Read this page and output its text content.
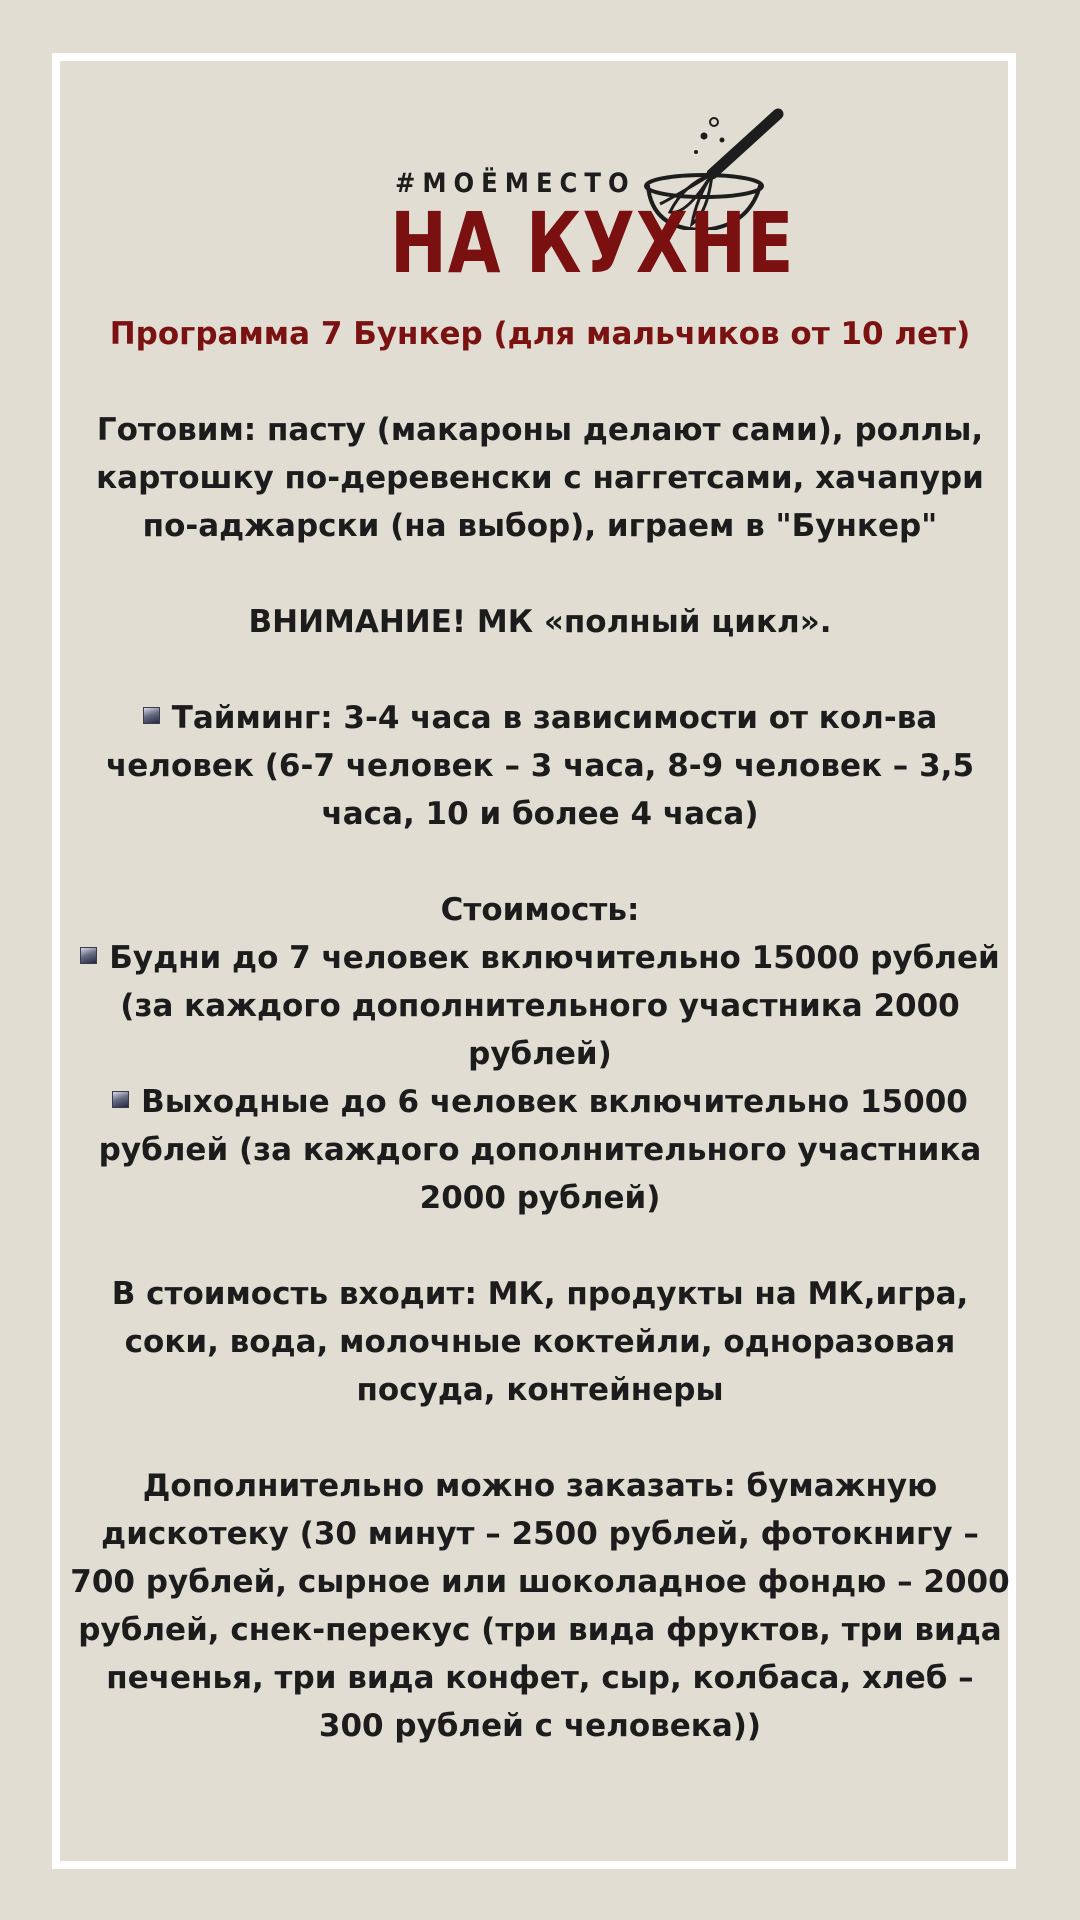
#МОЁМЕСТО
НА КУХНЕ

Программа 7 Бункер (для мальчиков от 10 лет)

Готовим: пасту (макароны делают сами), роллы, картошку по-деревенски с наггетсами, хачапури по-аджарски (на выбор), играем в "Бункер"

ВНИМАНИЕ! МК «полный цикл».

Тайминг: 3-4 часа в зависимости от кол-ва человек (6-7 человек – 3 часа, 8-9 человек – 3,5 часа, 10 и более 4 часа)

Стоимость:

Будни до 7 человек включительно 15000 рублей (за каждого дополнительного участника 2000 рублей)

Выходные до 6 человек включительно 15000 рублей (за каждого дополнительного участника 2000 рублей)

В стоимость входит: МК, продукты на МК,игра, соки, вода, молочные коктейли, одноразовая посуда, контейнеры

Дополнительно можно заказать: бумажную дискотеку (30 минут – 2500 рублей, фотокнигу – 700 рублей, сырное или шоколадное фондю – 2000 рублей, снек-перекус (три вида фруктов, три вида печенья, три вида конфет, сыр, колбаса, хлеб – 300 рублей с человека))
